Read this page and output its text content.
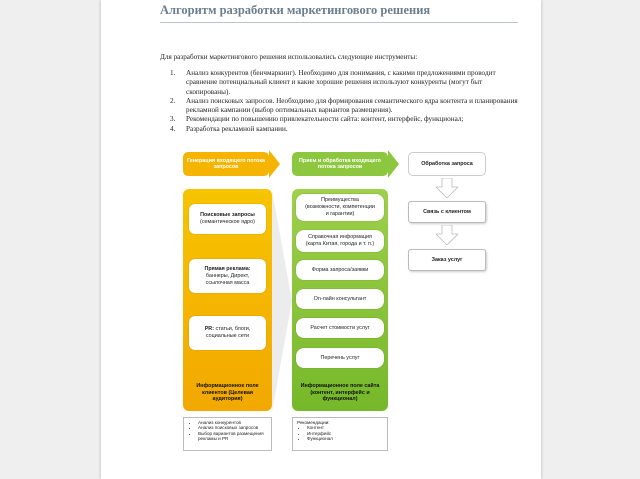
Алгоритм разработки маркетингового решения
Для разработки маркетингового решения использовались следующие инструменты:
1. Анализ конкурентов (бенчмаркинг). Необходимо для понимания, с какими предложениями проводит сравнение потенциальный клиент и какие хорошие решения используют конкуренты (могут быт скопированы).
2. Анализ поисковых запросов. Необходимо для формирования семантического ядра контента и планирования рекламной кампании (выбор оптимальных вариантов размещения).
3. Рекомендации по повышению привлекательности сайта: контент, интерфейс, функционал;
4. Разработка рекламной кампании.
Генерация входящего потока запросов
Прием и обработка входящего потока запросов
Обработка запроса
Поисковые запросы
(семантическое ядро)
Прямая реклама:
баннеры, Директ, ссылочная масса
PR: статьи, блоги, социальные сети
Информационное поле клиентов (Целевая аудитория)
Преимущества (возможности, компетенции и гарантии)
Справочная информация (карта Китая, города и т. п.)
Форма запроса/заявки
On-лайн консультант
Расчет стоимости услуг
Перечень услуг
Информационное поле сайта (контент, интерфейс и функционал)
Связь с клиентом
Заказ услуг
• Анализ конкурентов
• Анализ поисковых запросов
• Выбор вариантов размещения рекламы и PR
Рекомендации:
• Контент
• Интерфейс
• Функционал
